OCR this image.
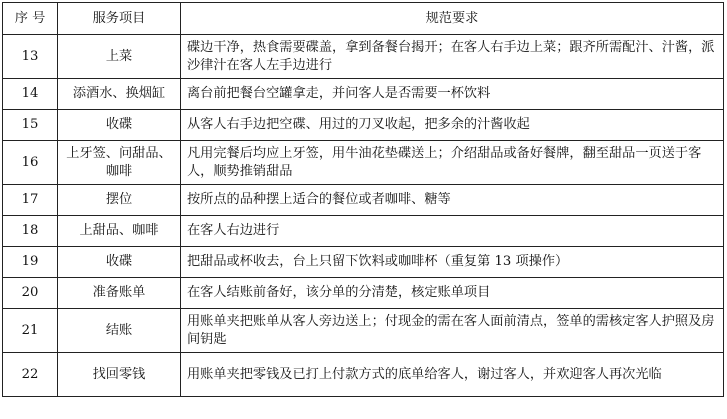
序 号	服务项目	规范要求
13	上菜	碟边干净，热食需要碟盖，拿到备餐台揭开；在客人右手边上菜；跟齐所需配汁、汁酱，派沙律汁在客人左手边进行
14	添酒水、换烟缸	离台前把餐台空罐拿走，并问客人是否需要一杯饮料
15	收碟	从客人右手边把空碟、用过的刀叉收起，把多余的汁酱收起
16	上牙签、问甜品、咖啡	凡用完餐后均应上牙签，用牛油花垫碟送上；介绍甜品或备好餐牌，翻至甜品一页送于客人，顺势推销甜品
17	摆位	按所点的品种摆上适合的餐位或者咖啡、糖等
18	上甜品、咖啡	在客人右边进行
19	收碟	把甜品或杯收去，台上只留下饮料或咖啡杯（重复第 13 项操作）
20	准备账单	在客人结账前备好，该分单的分清楚，核定账单项目
21	结账	用账单夹把账单从客人旁边送上；付现金的需在客人面前清点，签单的需核定客人护照及房间钥匙
22	找回零钱	用账单夹把零钱及已打上付款方式的底单给客人，谢过客人，并欢迎客人再次光临
